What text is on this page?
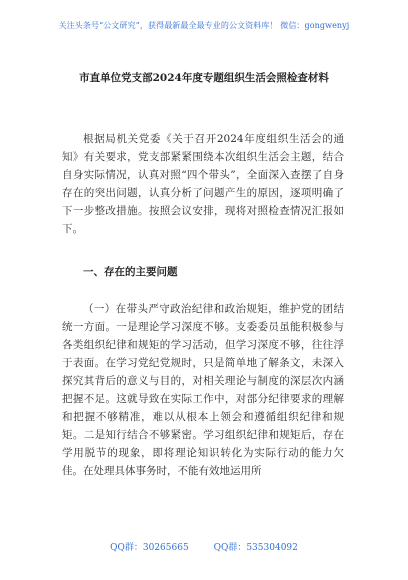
关注头条号“公文研究”，获得最新最全最专业的公文资料库！ 微信：gongwenyj
市直单位党支部2024年度专题组织生活会照检查材料

根据局机关党委《关于召开2024年度组织生活会的通知》有关要求，党支部紧紧围绕本次组织生活会主题，结合自身实际情况，认真对照“四个带头”，全面深入查摆了自身存在的突出问题，认真分析了问题产生的原因，逐项明确了下一步整改措施。按照会议安排，现将对照检查情况汇报如下。

一、存在的主要问题

（一）在带头严守政治纪律和政治规矩，维护党的团结统一方面。一是理论学习深度不够。支委委员虽能积极参与各类组织纪律和规矩的学习活动，但学习深度不够，往往浮于表面。在学习党纪党规时，只是简单地了解条文，未深入探究其背后的意义与目的，对相关理论与制度的深层次内涵把握不足。这就导致在实际工作中，对部分纪律要求的理解和把握不够精准，难以从根本上领会和遵循组织纪律和规矩。二是知行结合不够紧密。学习组织纪律和规矩后，存在学用脱节的现象，即将理论知识转化为实际行动的能力欠佳。在处理具体事务时，不能有效地运用所

QQ群：30265665	QQ群：535304092
